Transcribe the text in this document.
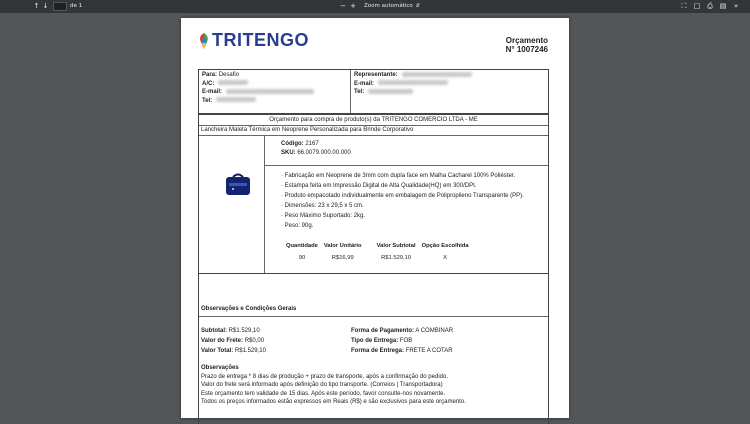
↑ ↓	de 1	− +	Zoom automático ⇵	⛶ □ ⎙ ▤ »
TRITENGO	Orçamento
N° 1007246
Para: Desafio
A/C:
E-mail:
Tel:
Representante:
E-mail:
Tel:
Orçamento para compra de produto(s) da TRITENGO COMERCIO LTDA - ME
Lancheira Maleta Térmica em Neoprene Personalizada para Brinde Corporativo
Código: 2167
SKU: 66.0079.000.00.000
· Fabricação em Neoprene de 3mm com dupla face em Malha Cacharel 100% Poliéster.
· Estampa feita em Impressão Digital de Alta Qualidade(HQ) em 300/DPI.
· Produto empacotado individualmente em embalagem de Polipropileno Transparente (PP).
· Dimensões: 23 x 29,5 x 5 cm.
· Peso Máximo Suportado: 2kg.
· Peso: 90g.
Quantidade	Valor Unitário	Valor Subtotal	Opção Escolhida
90	R$16,99	R$1.529,10	X
Observações e Condições Gerais
Subtotal: R$1.529,10
Valor do Frete: R$0,00
Valor Total: R$1.529,10
Forma de Pagamento: A COMBINAR
Tipo de Entrega: FOB
Forma de Entrega: FRETE A COTAR
Observações
Prazo de entrega * 8 dias de produção + prazo de transporte, após a confirmação do pedido.
Valor do frete será informado após definição do tipo transporte. (Correios | Transportadora)
Este orçamento tem validade de 15 dias. Após este período, favor consulte-nos novamente.
Todos os preços informados estão expressos em Reais (R$) e são exclusivos para este orçamento.
